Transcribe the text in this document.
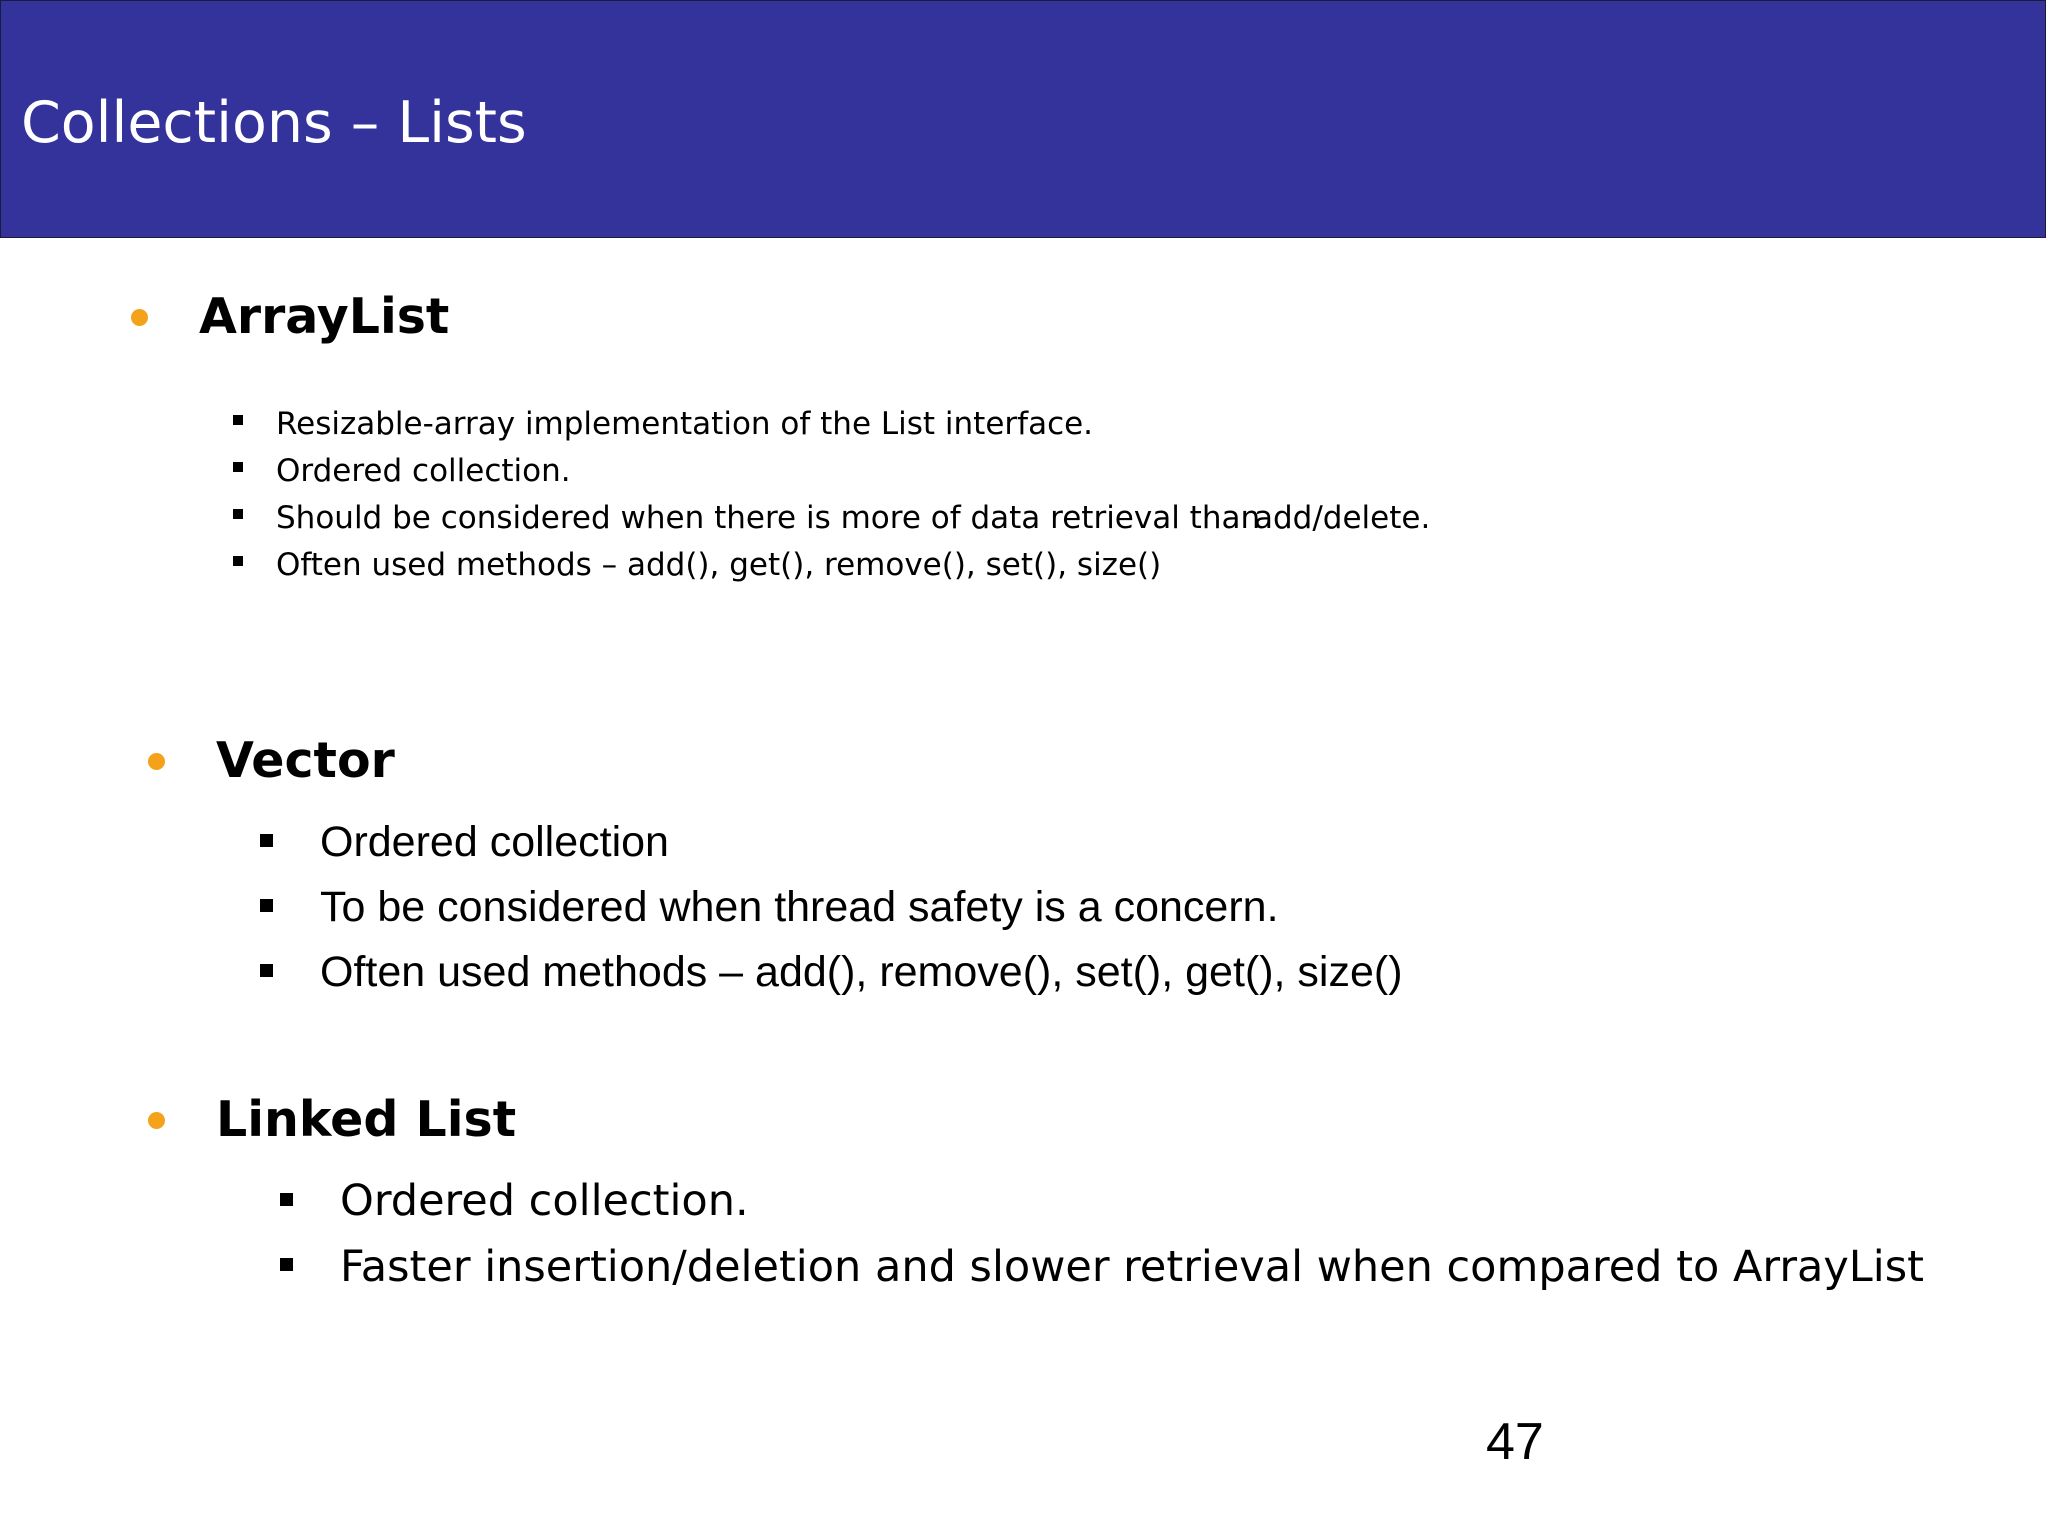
Collections – Lists
ArrayList
Resizable-array implementation of the List interface.
Ordered collection.
Should be considered when there is more of data retrieval than
add/delete.
Often used methods – add(), get(), remove(), set(), size()
Vector
Ordered collection
To be considered when thread safety is a concern.
Often used methods – add(), remove(), set(), get(), size()
Linked List
Ordered collection.
Faster insertion/deletion and slower retrieval when compared to ArrayList
47
